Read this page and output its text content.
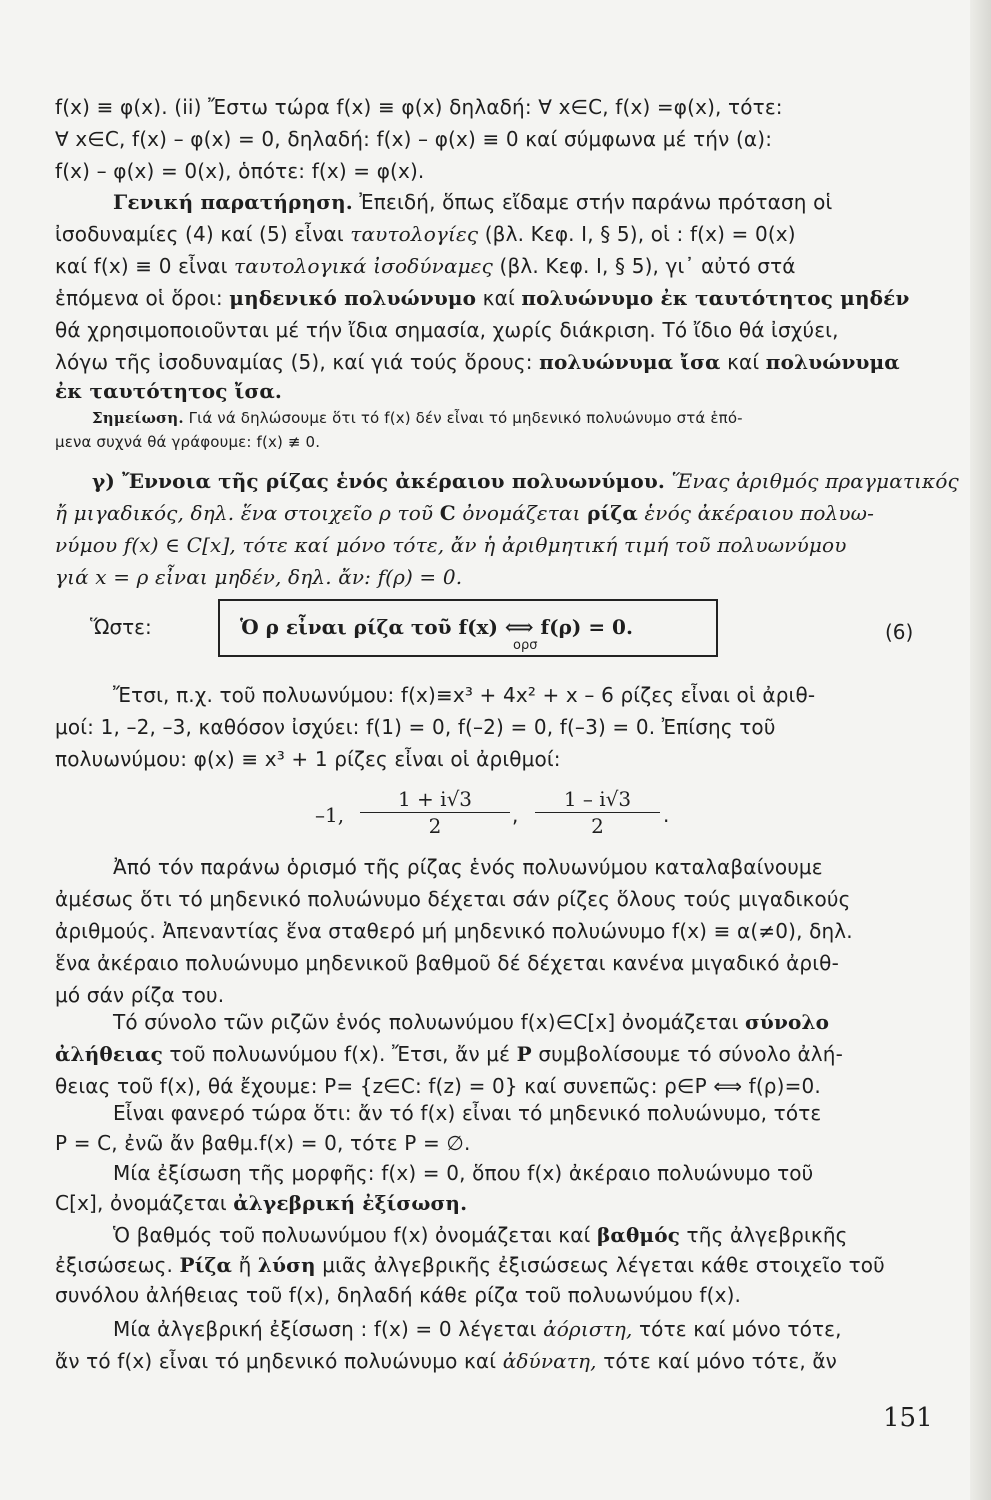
f(x) ≡ φ(x). (ii) Ἔστω τώρα f(x) ≡ φ(x) δηλαδή: ∀ x∈C, f(x) =φ(x), τότε:
∀ x∈C, f(x) – φ(x) = 0, δηλαδή: f(x) – φ(x) ≡ 0 καί σύμφωνα μέ τήν (α):
f(x) – φ(x) = 0(x), ὁπότε: f(x) = φ(x).
Γενική παρατήρηση. Ἐπειδή, ὅπως εἴδαμε στήν παράνω πρόταση οἱ
ἰσοδυναμίες (4) καί (5) εἶναι ταυτολογίες (βλ. Κεφ. Ι, § 5), οἱ : f(x) = 0(x)
καί f(x) ≡ 0 εἶναι ταυτολογικά ἰσοδύναμες (βλ. Κεφ. Ι, § 5), γι᾽ αὐτό στά
ἑπόμενα οἱ ὅροι: μηδενικό πολυώνυμο καί πολυώνυμο ἐκ ταυτότητος μηδέν
θά χρησιμοποιοῦνται μέ τήν ἴδια σημασία, χωρίς διάκριση. Τό ἴδιο θά ἰσχύει,
λόγω τῆς ἰσοδυναμίας (5), καί γιά τούς ὅρους: πολυώνυμα ἴσα καί πολυώνυμα
ἐκ ταυτότητος ἴσα.
Σημείωση. Γιά νά δηλώσουμε ὅτι τό f(x) δέν εἶναι τό μηδενικό πολυώνυμο στά ἑπό-
μενα συχνά θά γράφουμε: f(x) ≢ 0.
γ) Ἔννοια τῆς ρίζας ἑνός ἀκέραιου πολυωνύμου. Ἕνας ἀριθμός πραγματικός
ἤ μιγαδικός, δηλ. ἕνα στοιχεῖο ρ τοῦ C ὀνομάζεται ρίζα ἑνός ἀκέραιου πολυω-
νύμου f(x) ∈ C[x], τότε καί μόνο τότε, ἄν ἡ ἀριθμητική τιμή τοῦ πολυωνύμου
γιά x = ρ εἶναι μηδέν, δηλ. ἄν: f(ρ) = 0.
Ὥστε:	Ὁ ρ εἶναι ρίζα τοῦ f(x) ⟺ f(ρ) = 0.
ορσ
(6)
Ἔτσι, π.χ. τοῦ πολυωνύμου: f(x)≡x³ + 4x² + x – 6 ρίζες εἶναι οἱ ἀριθ-
μοί: 1, –2, –3, καθόσον ἰσχύει: f(1) = 0, f(–2) = 0, f(–3) = 0. Ἐπίσης τοῦ
πολυωνύμου: φ(x) ≡ x³ + 1 ρίζες εἶναι οἱ ἀριθμοί:
–1, $\frac{1 + i√3}{2}$ , $\frac{1 - i√3}{2}$ .
Ἀπό τόν παράνω ὁρισμό τῆς ρίζας ἑνός πολυωνύμου καταλαβαίνουμε
ἀμέσως ὅτι τό μηδενικό πολυώνυμο δέχεται σάν ρίζες ὅλους τούς μιγαδικούς
ἀριθμούς. Ἀπεναντίας ἕνα σταθερό μή μηδενικό πολυώνυμο f(x) ≡ α(≠0), δηλ.
ἕνα ἀκέραιο πολυώνυμο μηδενικοῦ βαθμοῦ δέ δέχεται κανένα μιγαδικό ἀριθ-
μό σάν ρίζα του.
Τό σύνολο τῶν ριζῶν ἑνός πολυωνύμου f(x)∈C[x] ὀνομάζεται σύνολο
ἀλήθειας τοῦ πολυωνύμου f(x). Ἔτσι, ἄν μέ P συμβολίσουμε τό σύνολο ἀλή-
θειας τοῦ f(x), θά ἔχουμε: P= {z∈C: f(z) = 0} καί συνεπῶς: ρ∈P ⟺ f(ρ)=0.
Εἶναι φανερό τώρα ὅτι: ἄν τό f(x) εἶναι τό μηδενικό πολυώνυμο, τότε
P = C, ἐνῶ ἄν βαθμ.f(x) = 0, τότε P = ∅.
Μία ἐξίσωση τῆς μορφῆς: f(x) = 0, ὅπου f(x) ἀκέραιο πολυώνυμο τοῦ
C[x], ὀνομάζεται ἀλγεβρική ἐξίσωση.
Ὁ βαθμός τοῦ πολυωνύμου f(x) ὀνομάζεται καί βαθμός τῆς ἀλγεβρικῆς
ἐξισώσεως. Ρίζα ἤ λύση μιᾶς ἀλγεβρικῆς ἐξισώσεως λέγεται κάθε στοιχεῖο τοῦ
συνόλου ἀλήθειας τοῦ f(x), δηλαδή κάθε ρίζα τοῦ πολυωνύμου f(x).
Μία ἀλγεβρική ἐξίσωση : f(x) = 0 λέγεται ἀόριστη, τότε καί μόνο τότε,
ἄν τό f(x) εἶναι τό μηδενικό πολυώνυμο καί ἀδύνατη, τότε καί μόνο τότε, ἄν
151
